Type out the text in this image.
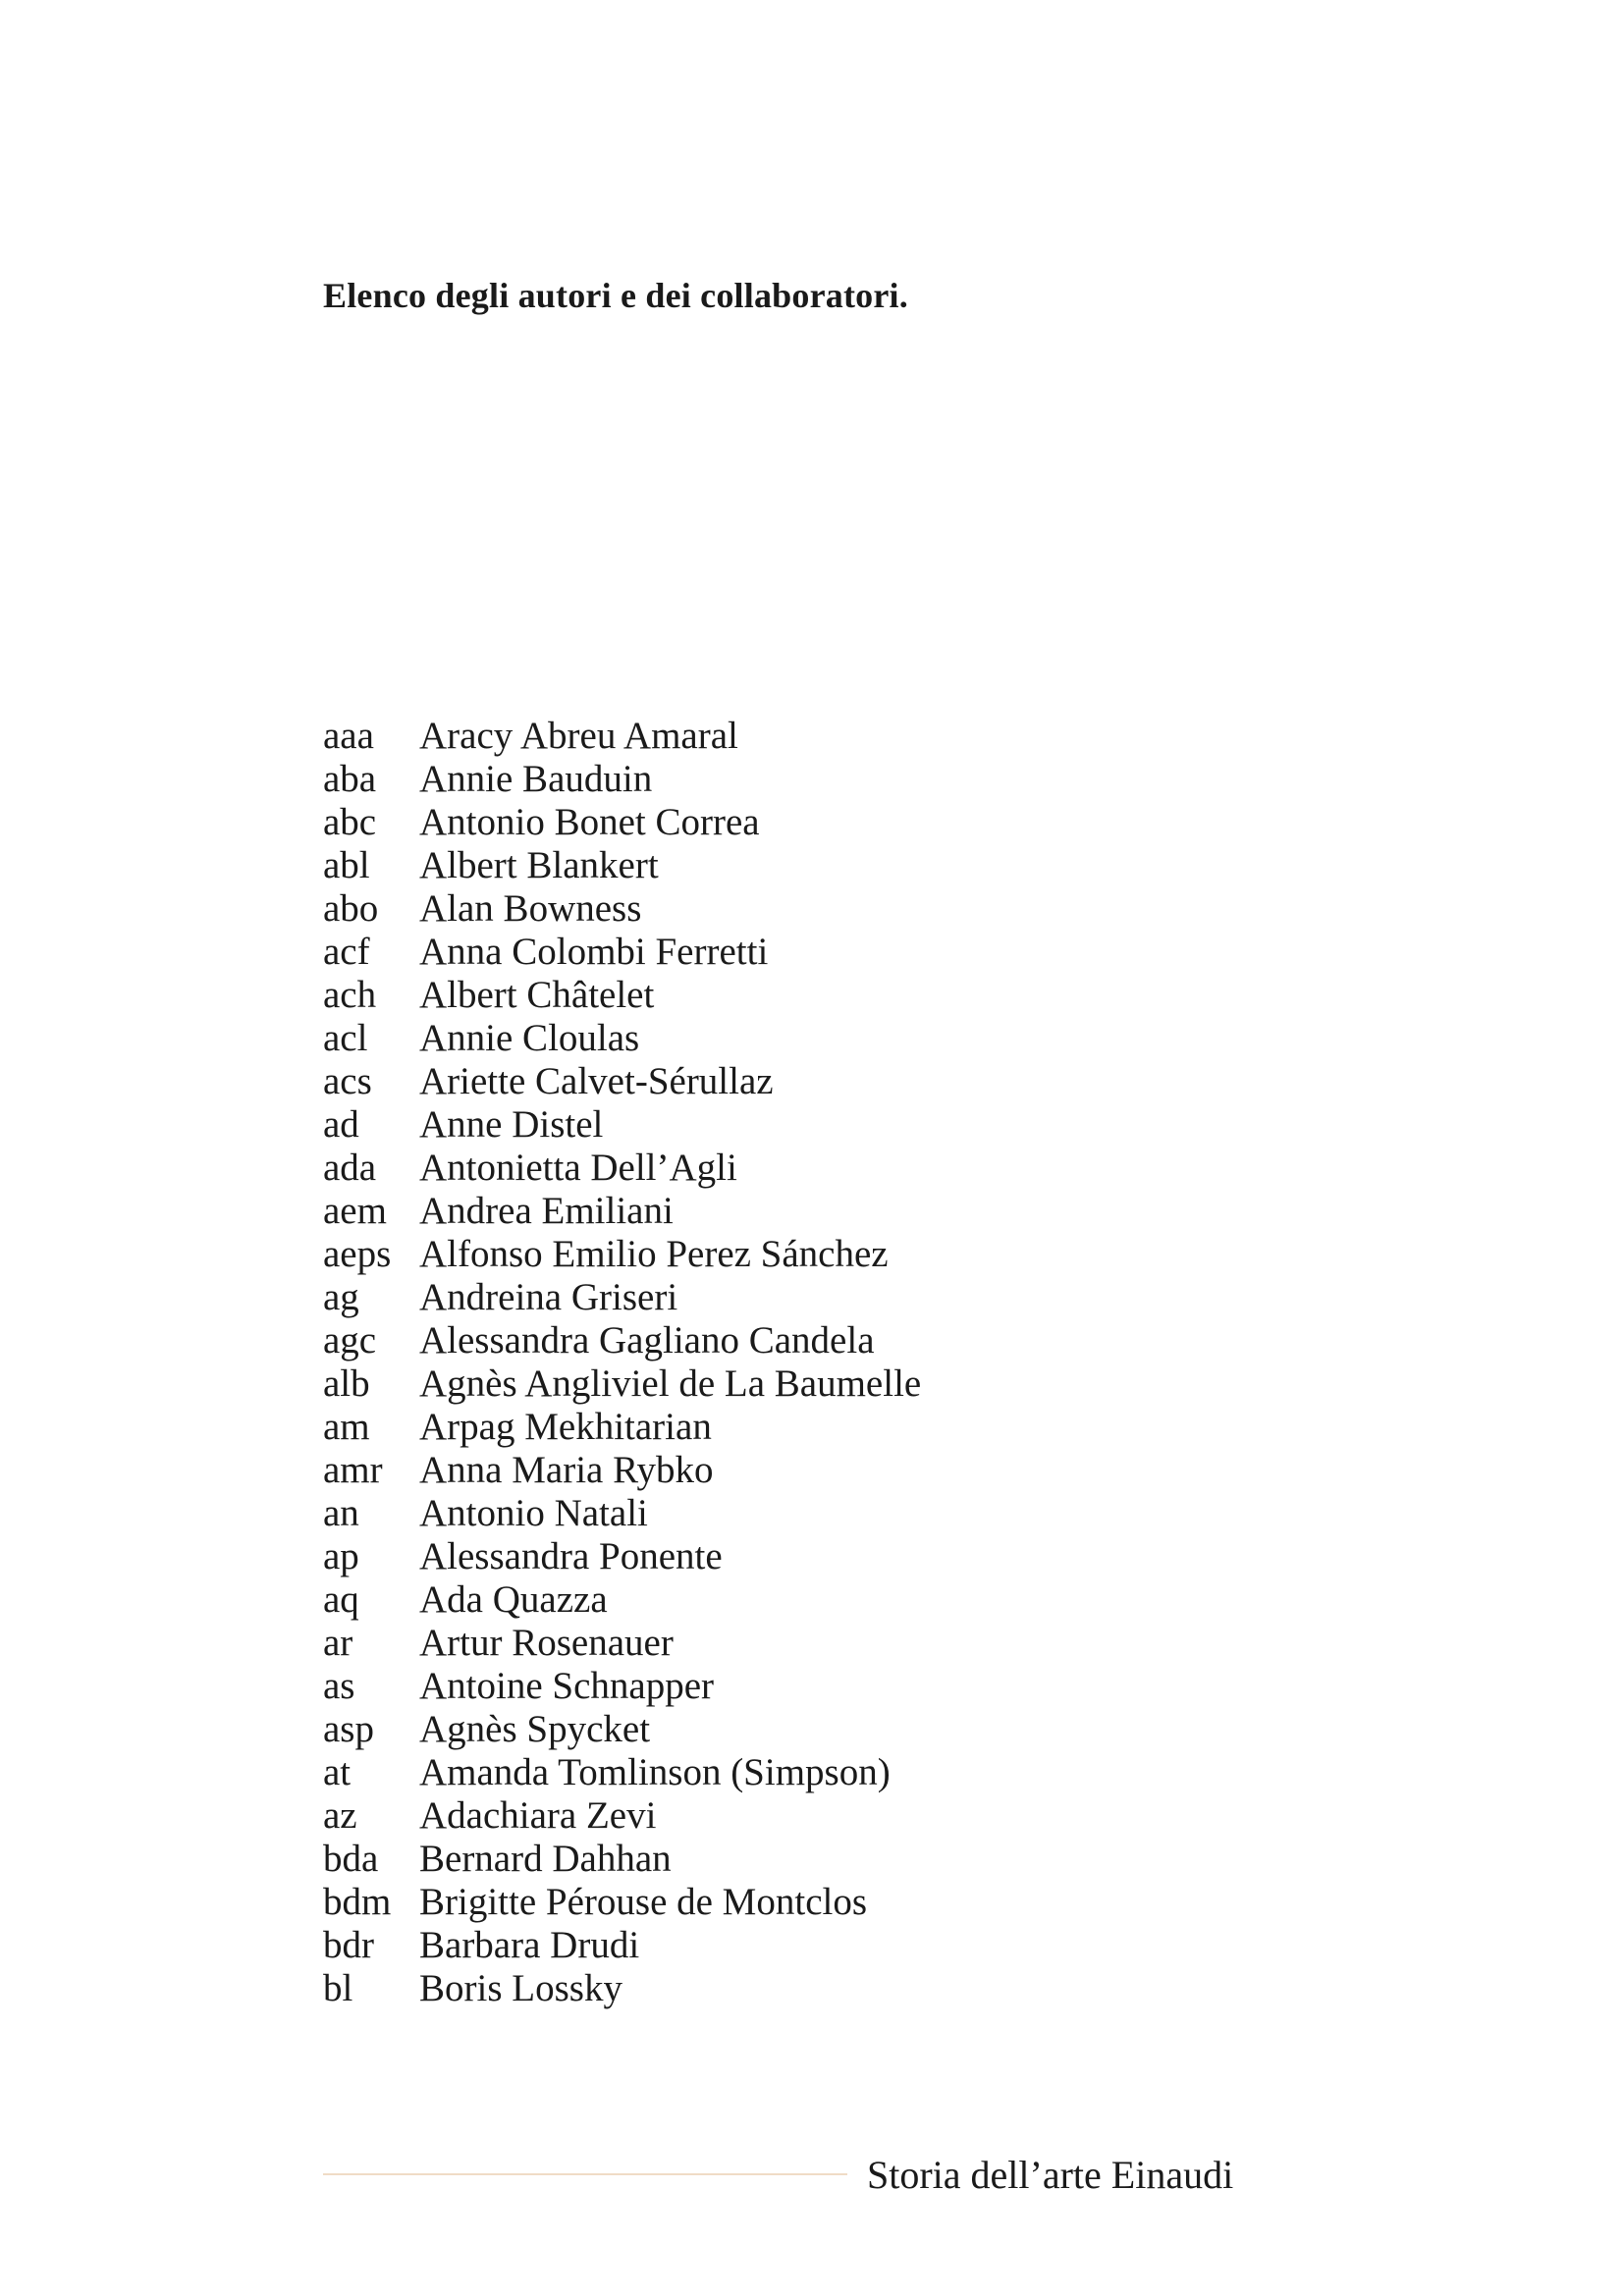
Elenco degli autori e dei collaboratori.
aaa	Aracy Abreu Amaral
aba	Annie Bauduin
abc	Antonio Bonet Correa
abl	Albert Blankert
abo	Alan Bowness
acf	Anna Colombi Ferretti
ach	Albert Châtelet
acl	Annie Cloulas
acs	Ariette Calvet-Sérullaz
ad	Anne Distel
ada	Antonietta Dell’Agli
aem Andrea Emiliani
aeps Alfonso Emilio Perez Sánchez
ag	Andreina Griseri
agc	Alessandra Gagliano Candela
alb	Agnès Angliviel de La Baumelle
am	Arpag Mekhitarian
amr Anna Maria Rybko
an	Antonio Natali
ap	Alessandra Ponente
aq	Ada Quazza
ar	Artur Rosenauer
as	Antoine Schnapper
asp	Agnès Spycket
at	Amanda Tomlinson (Simpson)
az	Adachiara Zevi
bda	Bernard Dahhan
bdm Brigitte Pérouse de Montclos
bdr	Barbara Drudi
bl	Boris Lossky
Storia dell’arte Einaudi
